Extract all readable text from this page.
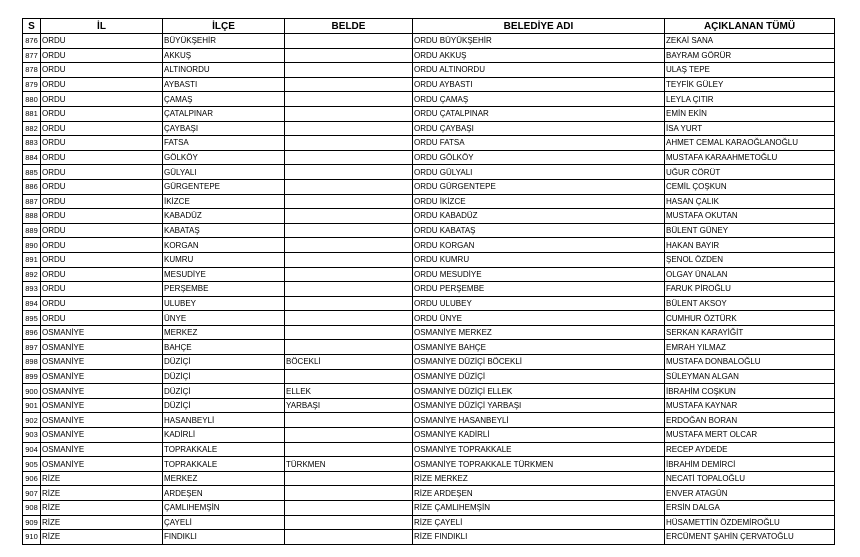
S	İL	İLÇE	BELDE	BELEDİYE ADI	AÇIKLANAN TÜMÜ
876	ORDU	BÜYÜKŞEHİR		ORDU BÜYÜKŞEHİR	ZEKAİ SANA
877	ORDU	AKKUŞ		ORDU AKKUŞ	BAYRAM GÖRÜR
878	ORDU	ALTINORDU		ORDU ALTINORDU	ULAŞ TEPE
879	ORDU	AYBASTI		ORDU AYBASTI	TEYFİK GÜLEY
880	ORDU	ÇAMAŞ		ORDU ÇAMAŞ	LEYLA ÇITIR
881	ORDU	ÇATALPINAR		ORDU ÇATALPINAR	EMİN EKİN
882	ORDU	ÇAYBAŞI		ORDU ÇAYBAŞI	İSA YURT
883	ORDU	FATSA		ORDU FATSA	AHMET CEMAL KARAOĞLANOĞLU
884	ORDU	GÖLKÖY		ORDU GÖLKÖY	MUSTAFA KARAAHMETOĞLU
885	ORDU	GÜLYALI		ORDU GÜLYALI	UĞUR CÖRÜT
886	ORDU	GÜRGENTEPE		ORDU GÜRGENTEPE	CEMİL ÇOŞKUN
887	ORDU	İKİZCE		ORDU İKİZCE	HASAN ÇALIK
888	ORDU	KABADÜZ		ORDU KABADÜZ	MUSTAFA OKUTAN
889	ORDU	KABATAŞ		ORDU KABATAŞ	BÜLENT GÜNEY
890	ORDU	KORGAN		ORDU KORGAN	HAKAN BAYIR
891	ORDU	KUMRU		ORDU KUMRU	ŞENOL ÖZDEN
892	ORDU	MESUDİYE		ORDU MESUDİYE	OLGAY ÜNALAN
893	ORDU	PERŞEMBE		ORDU PERŞEMBE	FARUK PİROĞLU
894	ORDU	ULUBEY		ORDU ULUBEY	BÜLENT AKSOY
895	ORDU	ÜNYE		ORDU ÜNYE	CUMHUR ÖZTÜRK
896	OSMANİYE	MERKEZ		OSMANİYE MERKEZ	SERKAN KARAYİĞİT
897	OSMANİYE	BAHÇE		OSMANİYE BAHÇE	EMRAH YILMAZ
898	OSMANİYE	DÜZİÇİ	BÖCEKLİ	OSMANİYE DÜZİÇİ BÖCEKLİ	MUSTAFA DONBALOĞLU
899	OSMANİYE	DÜZİÇİ		OSMANİYE DÜZİÇİ	SÜLEYMAN ALGAN
900	OSMANİYE	DÜZİÇİ	ELLEK	OSMANİYE DÜZİÇİ ELLEK	İBRAHİM COŞKUN
901	OSMANİYE	DÜZİÇİ	YARBAŞI	OSMANİYE DÜZİÇİ YARBAŞI	MUSTAFA KAYNAR
902	OSMANİYE	HASANBEYLİ		OSMANİYE HASANBEYLİ	ERDOĞAN BORAN
903	OSMANİYE	KADİRLİ		OSMANİYE KADİRLİ	MUSTAFA MERT OLCAR
904	OSMANİYE	TOPRAKKALE		OSMANİYE TOPRAKKALE	RECEP AYDEDE
905	OSMANİYE	TOPRAKKALE	TÜRKMEN	OSMANİYE TOPRAKKALE TÜRKMEN	İBRAHİM DEMİRCİ
906	RİZE	MERKEZ		RİZE MERKEZ	NECATİ TOPALOĞLU
907	RİZE	ARDEŞEN		RİZE ARDEŞEN	ENVER ATAGÜN
908	RİZE	ÇAMLIHEMŞİN		RİZE ÇAMLIHEMŞİN	ERSİN DALGA
909	RİZE	ÇAYELİ		RİZE ÇAYELİ	HÜSAMETTİN ÖZDEMİROĞLU
910	RİZE	FINDIKLI		RİZE FINDIKLI	ERCÜMENT ŞAHİN ÇERVATOĞLU
